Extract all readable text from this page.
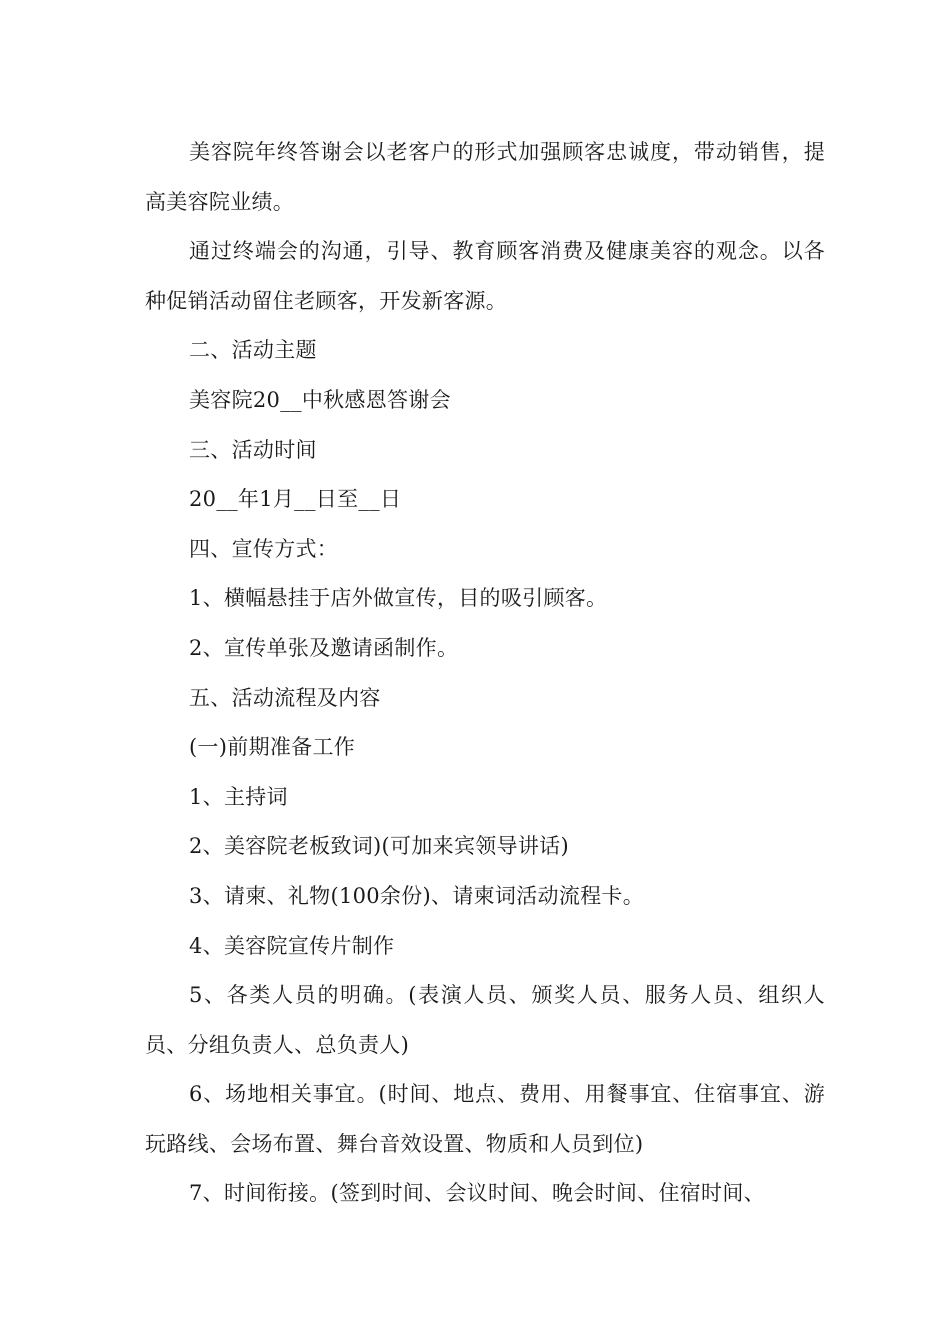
美容院年终答谢会以老客户的形式加强顾客忠诚度，带动销售，提高美容院业绩。

通过终端会的沟通，引导、教育顾客消费及健康美容的观念。以各种促销活动留住老顾客，开发新客源。

二、活动主题

美容院20__中秋感恩答谢会

三、活动时间

20__年1月__日至__日

四、宣传方式：

1、横幅悬挂于店外做宣传，目的吸引顾客。

2、宣传单张及邀请函制作。

五、活动流程及内容

(一)前期准备工作

1、主持词

2、美容院老板致词)(可加来宾领导讲话)

3、请柬、礼物(100余份)、请柬词活动流程卡。

4、美容院宣传片制作

5、各类人员的明确。(表演人员、颁奖人员、服务人员、组织人员、分组负责人、总负责人)

6、场地相关事宜。(时间、地点、费用、用餐事宜、住宿事宜、游玩路线、会场布置、舞台音效设置、物质和人员到位)

7、时间衔接。(签到时间、会议时间、晚会时间、住宿时间、
